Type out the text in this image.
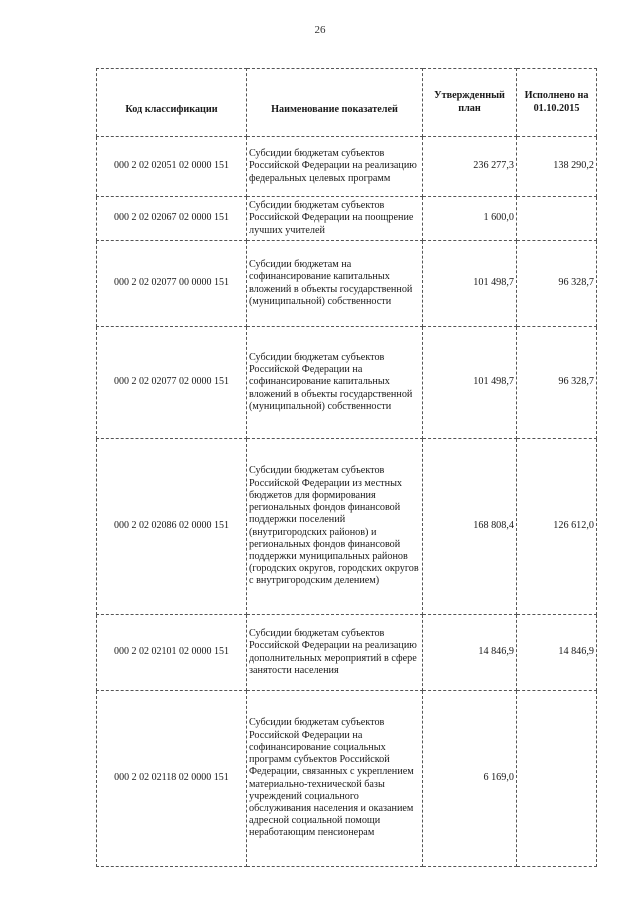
26
Код классификации	Наименование показателей	Утвержденный план	Исполнено на 01.10.2015
000 2 02 02051 02 0000 151	Субсидии бюджетам субъектов Российской Федерации на реализацию федеральных целевых программ	236 277,3	138 290,2
000 2 02 02067 02 0000 151	Субсидии бюджетам субъектов Российской Федерации на поощрение лучших учителей	1 600,0	
000 2 02 02077 00 0000 151	Субсидии бюджетам на софинансирование капитальных вложений в объекты государственной (муниципальной) собственности	101 498,7	96 328,7
000 2 02 02077 02 0000 151	Субсидии бюджетам субъектов Российской Федерации на софинансирование капитальных вложений в объекты государственной (муниципальной) собственности	101 498,7	96 328,7
000 2 02 02086 02 0000 151	Субсидии бюджетам субъектов Российской Федерации из местных бюджетов для формирования региональных фондов финансовой поддержки поселений (внутригородских районов) и региональных фондов финансовой поддержки муниципальных районов (городских округов, городских округов с внутригородским делением)	168 808,4	126 612,0
000 2 02 02101 02 0000 151	Субсидии бюджетам субъектов Российской Федерации на реализацию дополнительных мероприятий в сфере занятости населения	14 846,9	14 846,9
000 2 02 02118 02 0000 151	Субсидии бюджетам субъектов Российской Федерации на софинансирование социальных программ субъектов Российской Федерации, связанных с укреплением материально-технической базы учреждений социального обслуживания населения и оказанием адресной социальной помощи неработающим пенсионерам	6 169,0	
